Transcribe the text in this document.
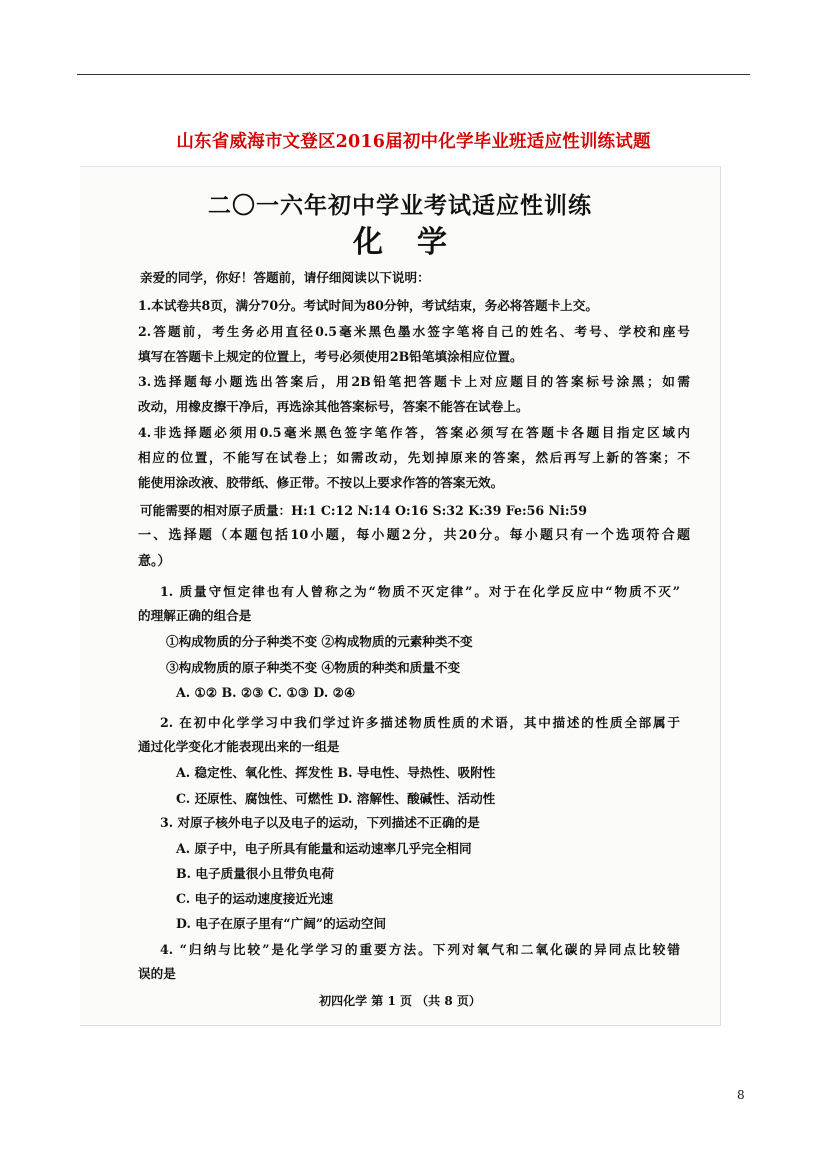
山东省威海市文登区2016届初中化学毕业班适应性训练试题
二〇一六年初中学业考试适应性训练
化学
亲爱的同学，你好！答题前，请仔细阅读以下说明：
1.本试卷共8页，满分70分。考试时间为80分钟，考试结束，务必将答题卡上交。
2.答题前，考生务必用直径0.5毫米黑色墨水签字笔将自己的姓名、考号、学校和座号
填写在答题卡上规定的位置上，考号必须使用2B铅笔填涂相应位置。
3.选择题每小题选出答案后，用2B铅笔把答题卡上对应题目的答案标号涂黑；如需
改动，用橡皮擦干净后，再选涂其他答案标号，答案不能答在试卷上。
4.非选择题必须用0.5毫米黑色签字笔作答，答案必须写在答题卡各题目指定区域内
相应的位置，不能写在试卷上；如需改动，先划掉原来的答案，然后再写上新的答案；不
能使用涂改液、胶带纸、修正带。不按以上要求作答的答案无效。
可能需要的相对原子质量：H:1 C:12 N:14 O:16 S:32 K:39 Fe:56 Ni:59
一、选择题（本题包括10小题，每小题2分，共20分。每小题只有一个选项符合题
意。）
1. 质量守恒定律也有人曾称之为“物质不灭定律”。对于在化学反应中“物质不灭”
的理解正确的组合是
①构成物质的分子种类不变 ②构成物质的元素种类不变
③构成物质的原子种类不变 ④物质的种类和质量不变
A. ①② B. ②③ C. ①③ D. ②④
2. 在初中化学学习中我们学过许多描述物质性质的术语，其中描述的性质全部属于
通过化学变化才能表现出来的一组是
A. 稳定性、氧化性、挥发性 B. 导电性、导热性、吸附性
C. 还原性、腐蚀性、可燃性 D. 溶解性、酸碱性、活动性
3. 对原子核外电子以及电子的运动，下列描述不正确的是
A. 原子中，电子所具有能量和运动速率几乎完全相同
B. 电子质量很小且带负电荷
C. 电子的运动速度接近光速
D. 电子在原子里有“广阔”的运动空间
4. “归纳与比较”是化学学习的重要方法。下列对氧气和二氧化碳的异同点比较错
误的是
初四化学 第 1 页 （共 8 页）
8
